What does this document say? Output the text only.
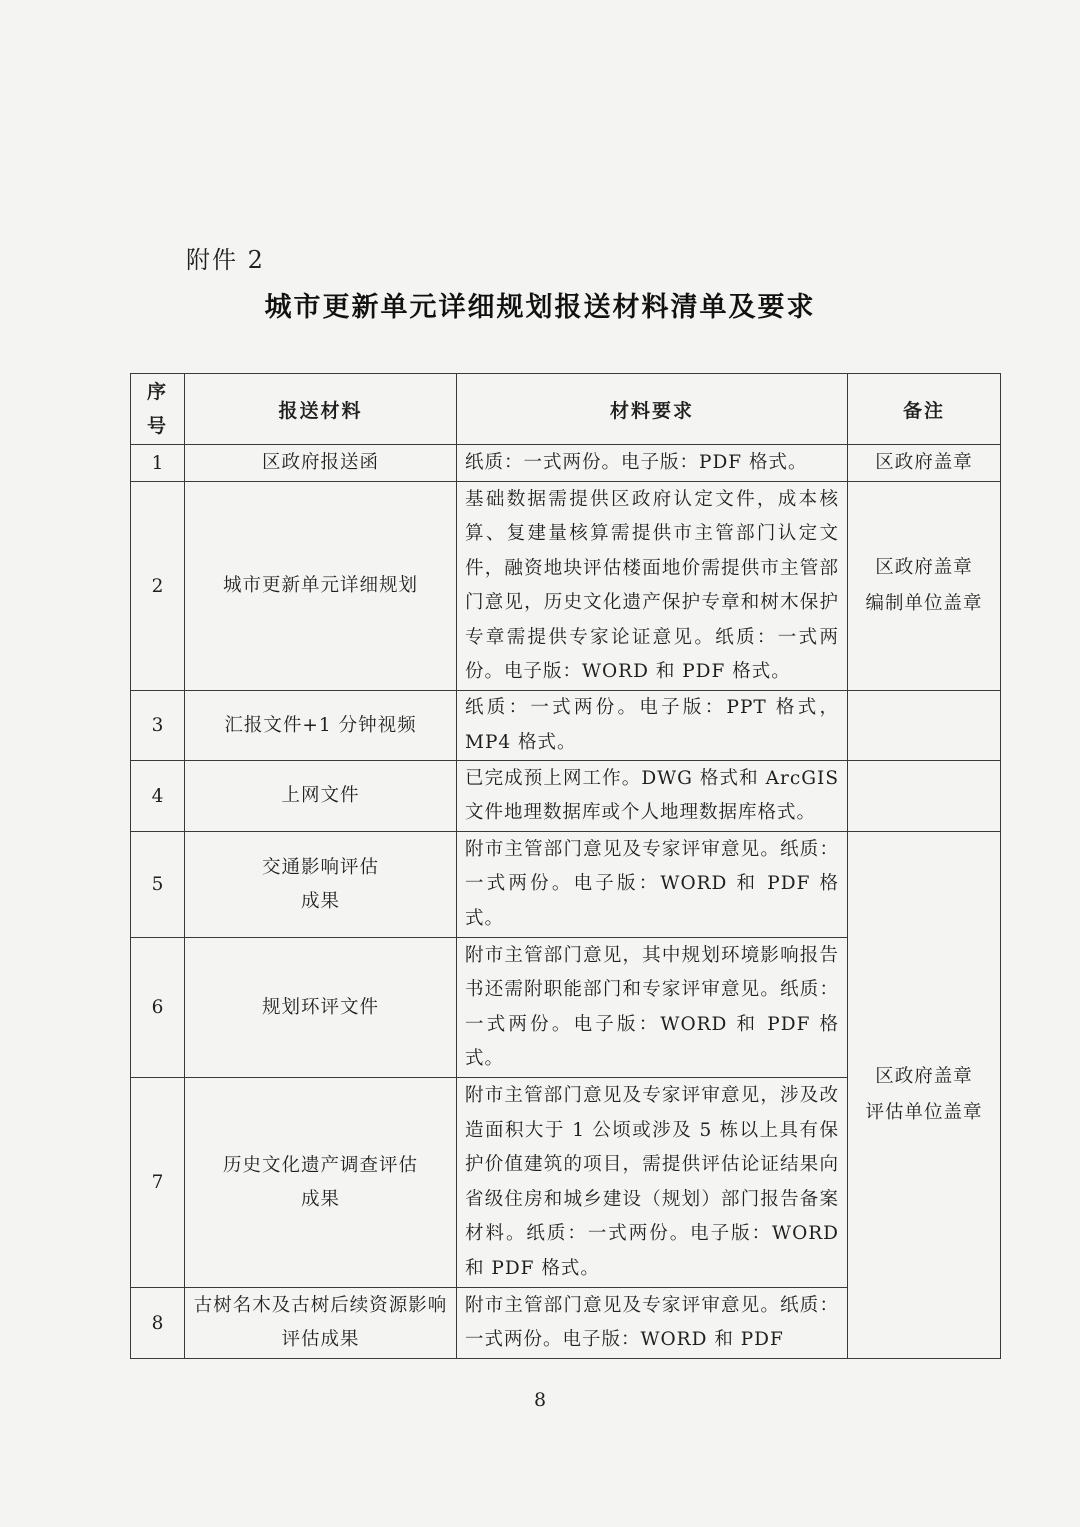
附件 2
城市更新单元详细规划报送材料清单及要求
序号	报送材料	材料要求	备注
1	区政府报送函	纸质：一式两份。电子版：PDF 格式。	区政府盖章
2	城市更新单元详细规划	基础数据需提供区政府认定文件，成本核算、复建量核算需提供市主管部门认定文件，融资地块评估楼面地价需提供市主管部门意见，历史文化遗产保护专章和树木保护专章需提供专家论证意见。纸质：一式两份。电子版：WORD 和 PDF 格式。	区政府盖章
编制单位盖章
3	汇报文件+1 分钟视频	纸质：一式两份。电子版：PPT 格式，MP4 格式。	
4	上网文件	已完成预上网工作。DWG 格式和 ArcGIS 文件地理数据库或个人地理数据库格式。	
5	交通影响评估
成果	附市主管部门意见及专家评审意见。纸质：一式两份。电子版：WORD 和 PDF 格式。	区政府盖章
评估单位盖章
6	规划环评文件	附市主管部门意见，其中规划环境影响报告书还需附职能部门和专家评审意见。纸质：一式两份。电子版：WORD 和 PDF 格式。	
7	历史文化遗产调查评估
成果	附市主管部门意见及专家评审意见，涉及改造面积大于 1 公顷或涉及 5 栋以上具有保护价值建筑的项目，需提供评估论证结果向省级住房和城乡建设（规划）部门报告备案材料。纸质：一式两份。电子版：WORD 和 PDF 格式。	
8	古树名木及古树后续资源影响评估成果	附市主管部门意见及专家评审意见。纸质：一式两份。电子版：WORD 和 PDF	
8
